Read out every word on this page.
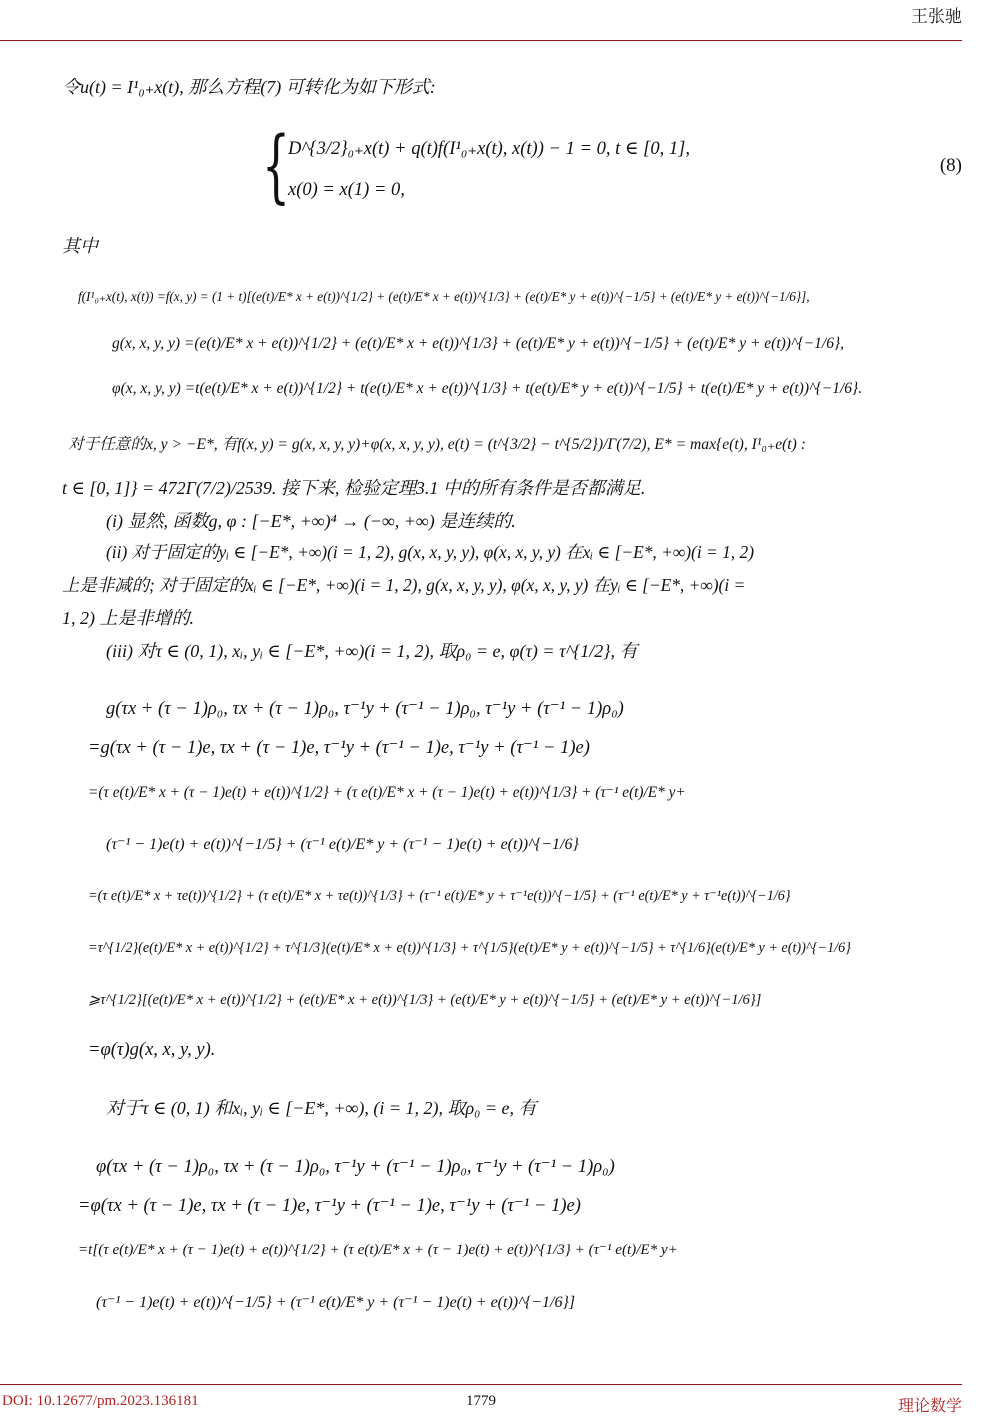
王张驰
令u(t) = I¹₀₊x(t), 那么方程(7) 可转化为如下形式:
{
D^{3/2}₀₊x(t) + q(t)f(I¹₀₊x(t), x(t)) − 1 = 0, t ∈ [0, 1],
x(0) = x(1) = 0,
(8)
其中
f(I¹₀₊x(t), x(t)) =f(x, y) = (1 + t)[(e(t)/E* x + e(t))^{1/2} + (e(t)/E* x + e(t))^{1/3} + (e(t)/E* y + e(t))^{−1/5} + (e(t)/E* y + e(t))^{−1/6}],
g(x, x, y, y) =(e(t)/E* x + e(t))^{1/2} + (e(t)/E* x + e(t))^{1/3} + (e(t)/E* y + e(t))^{−1/5} + (e(t)/E* y + e(t))^{−1/6},
φ(x, x, y, y) =t(e(t)/E* x + e(t))^{1/2} + t(e(t)/E* x + e(t))^{1/3} + t(e(t)/E* y + e(t))^{−1/5} + t(e(t)/E* y + e(t))^{−1/6}.
对于任意的x, y > −E*, 有f(x, y) = g(x, x, y, y)+φ(x, x, y, y), e(t) = (t^{3/2} − t^{5/2})/Γ(7/2), E* = max{e(t), I¹₀₊e(t) :
t ∈ [0, 1]} = 472Γ(7/2)/2539. 接下来, 检验定理3.1 中的所有条件是否都满足.
(i) 显然, 函数g, φ : [−E*, +∞)⁴ → (−∞, +∞) 是连续的.
(ii) 对于固定的yᵢ ∈ [−E*, +∞)(i = 1, 2), g(x, x, y, y), φ(x, x, y, y) 在xᵢ ∈ [−E*, +∞)(i = 1, 2)
上是非减的; 对于固定的xᵢ ∈ [−E*, +∞)(i = 1, 2), g(x, x, y, y), φ(x, x, y, y) 在yᵢ ∈ [−E*, +∞)(i =
1, 2) 上是非增的.
(iii) 对τ ∈ (0, 1), xᵢ, yᵢ ∈ [−E*, +∞)(i = 1, 2), 取ρ₀ = e, φ(τ) = τ^{1/2}, 有
g(τx + (τ − 1)ρ₀, τx + (τ − 1)ρ₀, τ⁻¹y + (τ⁻¹ − 1)ρ₀, τ⁻¹y + (τ⁻¹ − 1)ρ₀)
=g(τx + (τ − 1)e, τx + (τ − 1)e, τ⁻¹y + (τ⁻¹ − 1)e, τ⁻¹y + (τ⁻¹ − 1)e)
=(τ e(t)/E* x + (τ − 1)e(t) + e(t))^{1/2} + (τ e(t)/E* x + (τ − 1)e(t) + e(t))^{1/3} + (τ⁻¹ e(t)/E* y+
(τ⁻¹ − 1)e(t) + e(t))^{−1/5} + (τ⁻¹ e(t)/E* y + (τ⁻¹ − 1)e(t) + e(t))^{−1/6}
=(τ e(t)/E* x + τe(t))^{1/2} + (τ e(t)/E* x + τe(t))^{1/3} + (τ⁻¹ e(t)/E* y + τ⁻¹e(t))^{−1/5} + (τ⁻¹ e(t)/E* y + τ⁻¹e(t))^{−1/6}
=τ^{1/2}(e(t)/E* x + e(t))^{1/2} + τ^{1/3}(e(t)/E* x + e(t))^{1/3} + τ^{1/5}(e(t)/E* y + e(t))^{−1/5} + τ^{1/6}(e(t)/E* y + e(t))^{−1/6}
⩾τ^{1/2}[(e(t)/E* x + e(t))^{1/2} + (e(t)/E* x + e(t))^{1/3} + (e(t)/E* y + e(t))^{−1/5} + (e(t)/E* y + e(t))^{−1/6}]
=φ(τ)g(x, x, y, y).
对于τ ∈ (0, 1) 和xᵢ, yᵢ ∈ [−E*, +∞), (i = 1, 2), 取ρ₀ = e, 有
φ(τx + (τ − 1)ρ₀, τx + (τ − 1)ρ₀, τ⁻¹y + (τ⁻¹ − 1)ρ₀, τ⁻¹y + (τ⁻¹ − 1)ρ₀)
=φ(τx + (τ − 1)e, τx + (τ − 1)e, τ⁻¹y + (τ⁻¹ − 1)e, τ⁻¹y + (τ⁻¹ − 1)e)
=t[(τ e(t)/E* x + (τ − 1)e(t) + e(t))^{1/2} + (τ e(t)/E* x + (τ − 1)e(t) + e(t))^{1/3} + (τ⁻¹ e(t)/E* y+
(τ⁻¹ − 1)e(t) + e(t))^{−1/5} + (τ⁻¹ e(t)/E* y + (τ⁻¹ − 1)e(t) + e(t))^{−1/6}]
DOI: 10.12677/pm.2023.136181	1779	理论数学
